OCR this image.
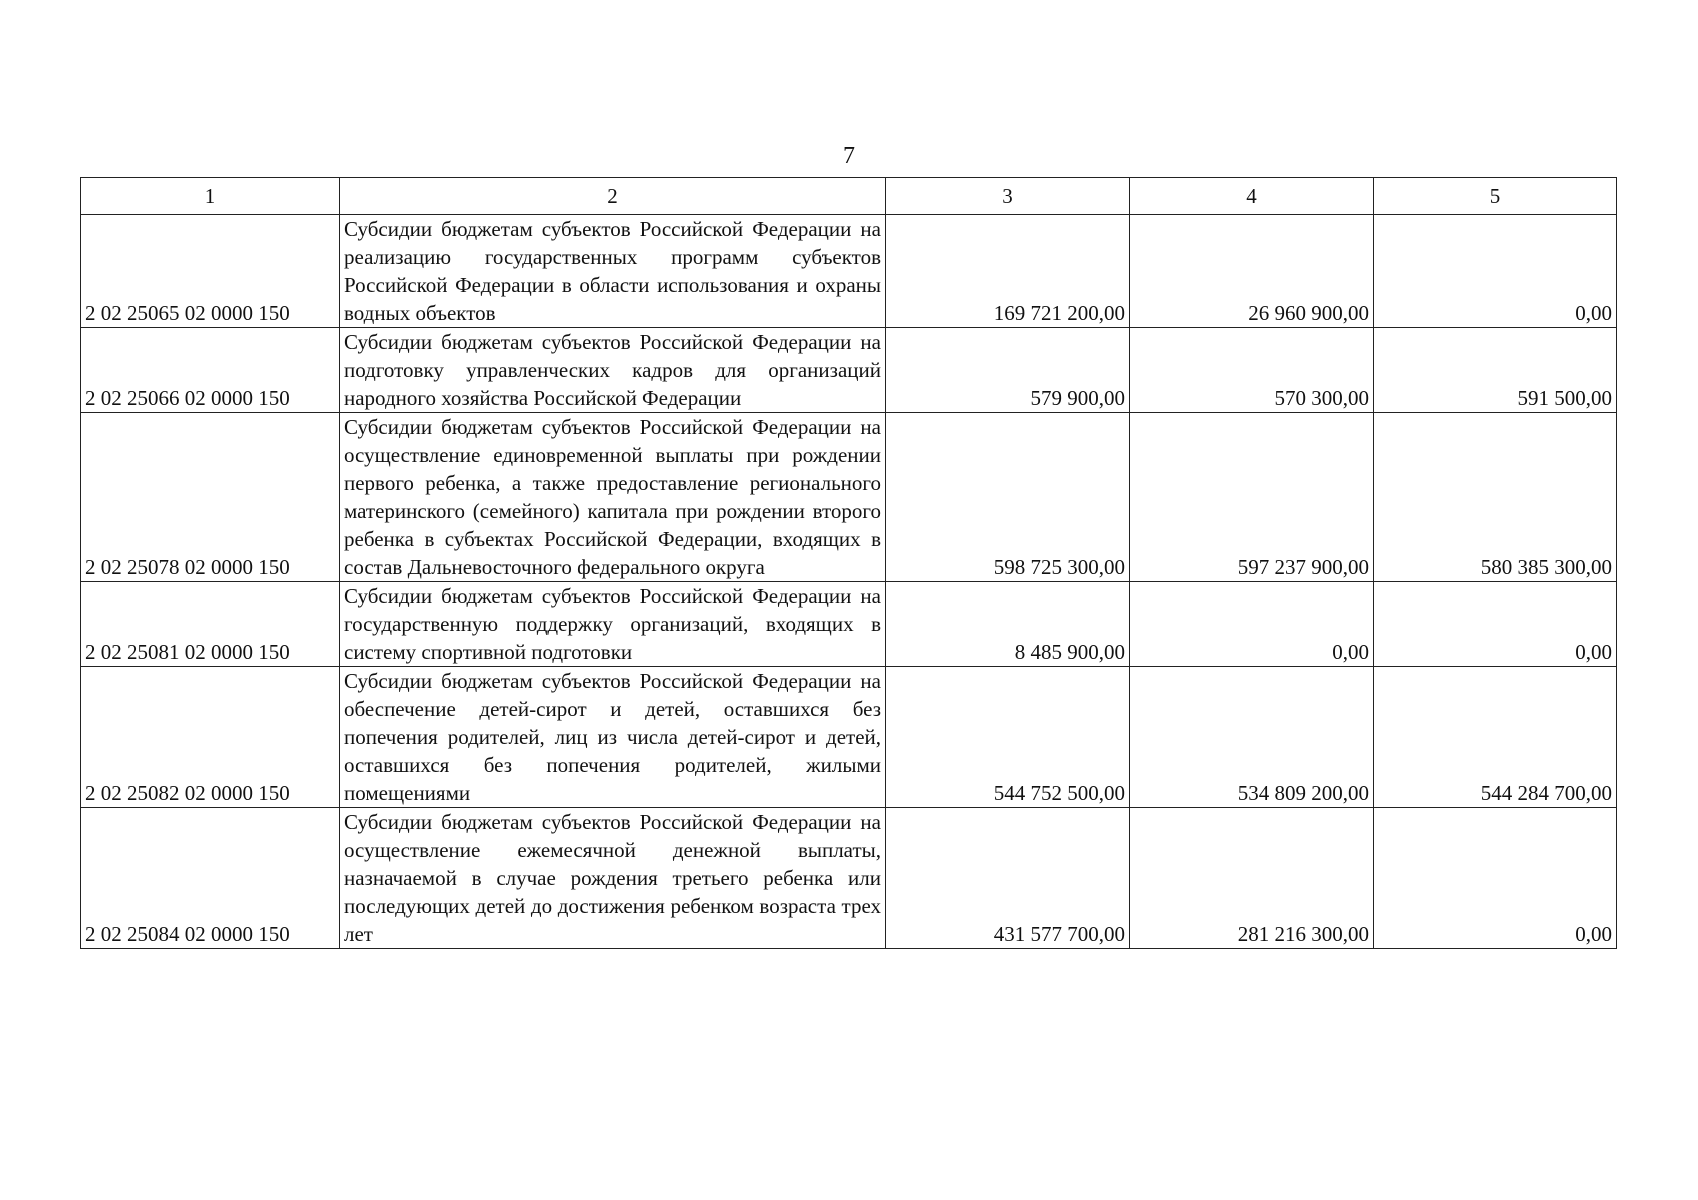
7
1	2	3	4	5
2 02 25065 02 0000 150	Субсидии бюджетам субъектов Российской Федерации на реализацию государственных программ субъектов Российской Федерации в области использования и охраны водных объектов	169 721 200,00	26 960 900,00	0,00
2 02 25066 02 0000 150	Субсидии бюджетам субъектов Российской Федерации на подготовку управленческих кадров для организаций народного хозяйства Российской Федерации	579 900,00	570 300,00	591 500,00
2 02 25078 02 0000 150	Субсидии бюджетам субъектов Российской Федерации на осуществление единовременной выплаты при рождении первого ребенка, а также предоставление регионального материнского (семейного) капитала при рождении второго ребенка в субъектах Российской Федерации, входящих в состав Дальневосточного федерального округа	598 725 300,00	597 237 900,00	580 385 300,00
2 02 25081 02 0000 150	Субсидии бюджетам субъектов Российской Федерации на государственную поддержку организаций, входящих в систему спортивной подготовки	8 485 900,00	0,00	0,00
2 02 25082 02 0000 150	Субсидии бюджетам субъектов Российской Федерации на обеспечение детей-сирот и детей, оставшихся без попечения родителей, лиц из числа детей-сирот и детей, оставшихся без попечения родителей, жилыми помещениями	544 752 500,00	534 809 200,00	544 284 700,00
2 02 25084 02 0000 150	Субсидии бюджетам субъектов Российской Федерации на осуществление ежемесячной денежной выплаты, назначаемой в случае рождения третьего ребенка или последующих детей до достижения ребенком возраста трех лет	431 577 700,00	281 216 300,00	0,00
